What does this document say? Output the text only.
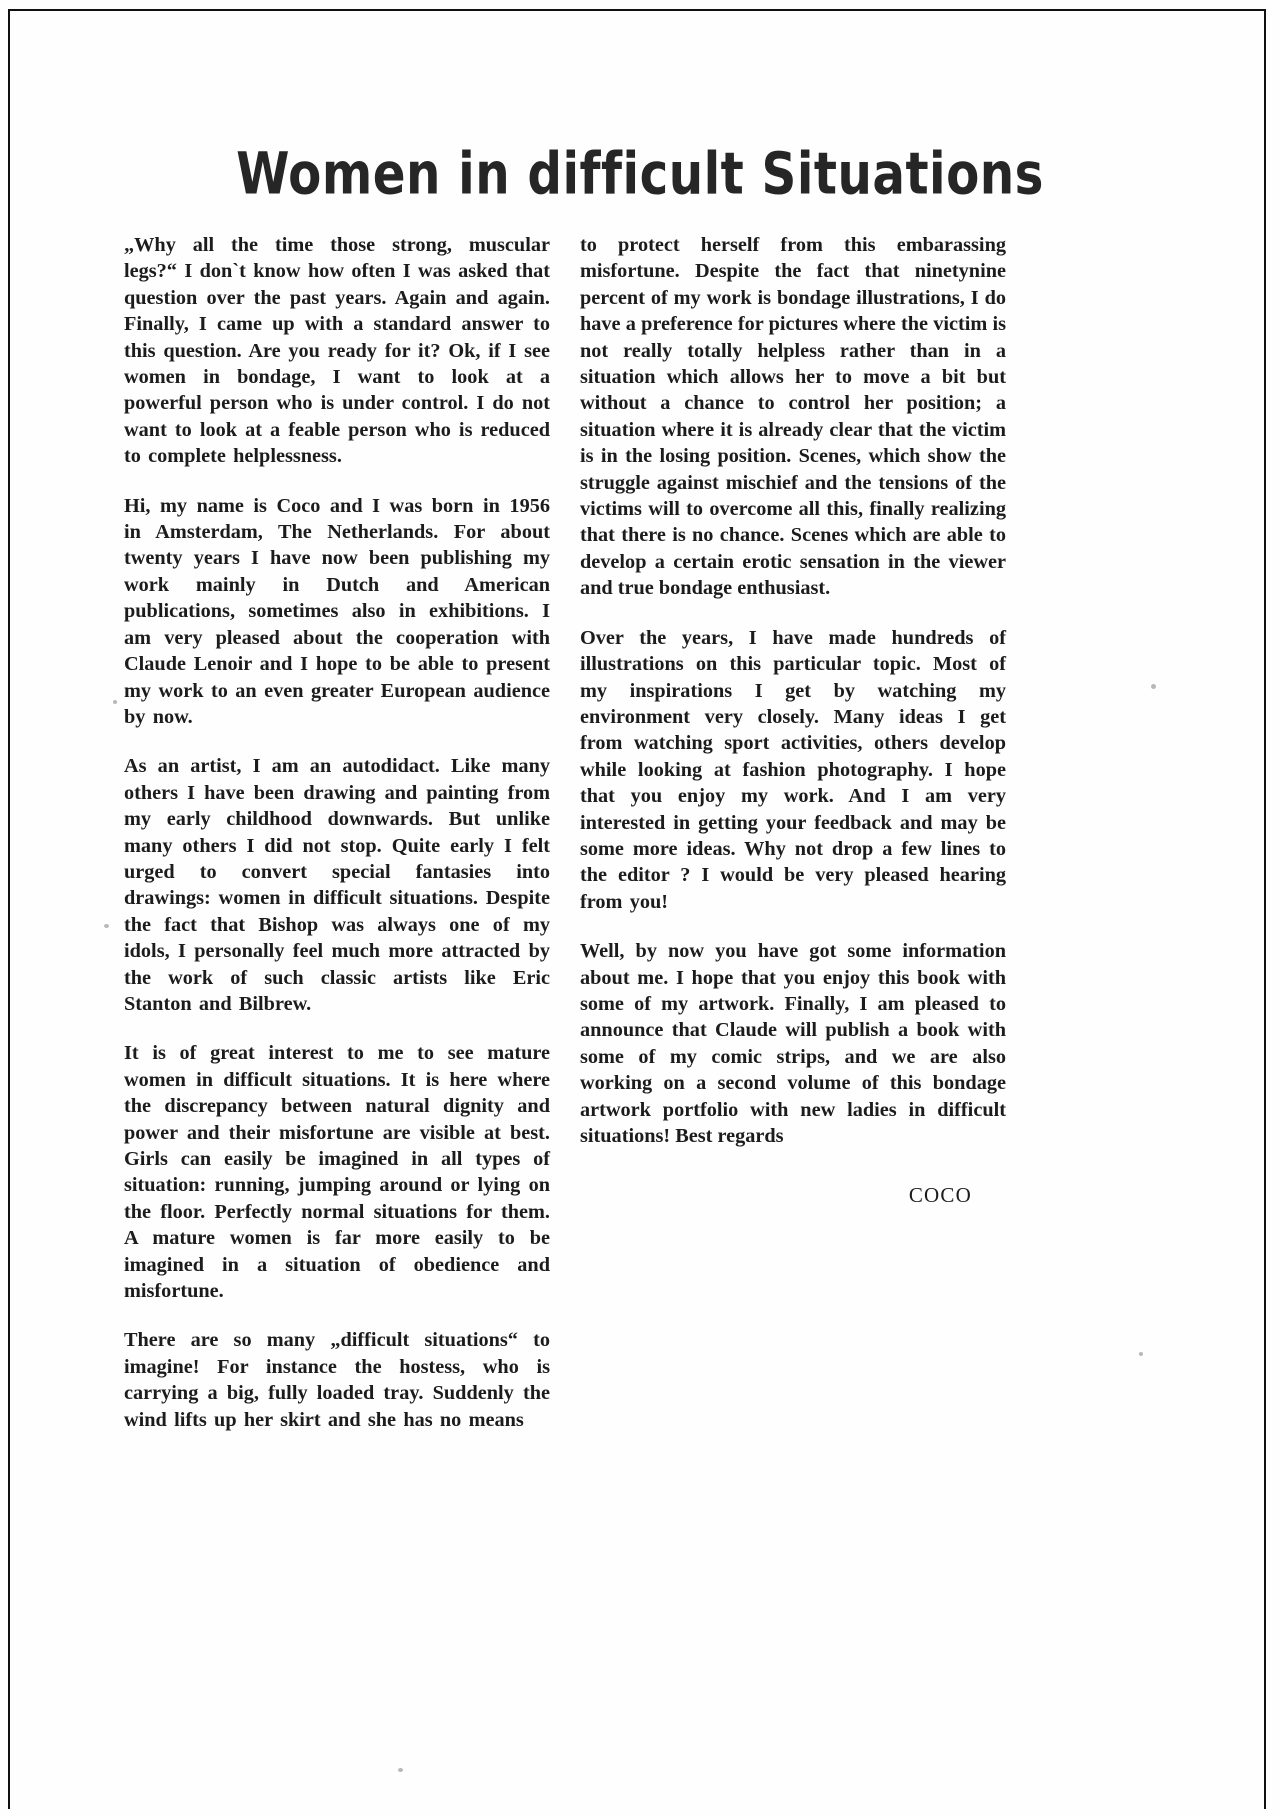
Women in difficult Situations

„Why all the time those strong, muscular legs?“ I don`t know how often I was asked that question over the past years. Again and again. Finally, I came up with a standard answer to this question. Are you ready for it? Ok, if I see women in bondage, I want to look at a powerful person who is under control. I do not want to look at a feable person who is reduced to complete helplessness.

Hi, my name is Coco and I was born in 1956 in Amsterdam, The Netherlands. For about twenty years I have now been publishing my work mainly in Dutch and American publications, sometimes also in exhibitions. I am very pleased about the cooperation with Claude Lenoir and I hope to be able to present my work to an even greater European audience by now.

As an artist, I am an autodidact. Like many others I have been drawing and painting from my early childhood downwards. But unlike many others I did not stop. Quite early I felt urged to convert special fantasies into drawings: women in difficult situations. Despite the fact that Bishop was always one of my idols, I personally feel much more attracted by the work of such classic artists like Eric Stanton and Bilbrew.

It is of great interest to me to see mature women in difficult situations. It is here where the discrepancy between natural dignity and power and their misfortune are visible at best. Girls can easily be imagined in all types of situation: running, jumping around or lying on the floor. Perfectly normal situations for them. A mature women is far more easily to be imagined in a situation of obedience and misfortune.

There are so many „difficult situations“ to imagine! For instance the hostess, who is carrying a big, fully loaded tray. Suddenly the wind lifts up her skirt and she has no means

to protect herself from this embarassing misfortune. Despite the fact that ninetynine percent of my work is bondage illustrations, I do have a preference for pictures where the victim is not really totally helpless rather than in a situation which allows her to move a bit but without a chance to control her position; a situation where it is already clear that the victim is in the losing position. Scenes, which show the struggle against mischief and the tensions of the victims will to overcome all this, finally realizing that there is no chance. Scenes which are able to develop a certain erotic sensation in the viewer and true bondage enthusiast.

Over the years, I have made hundreds of illustrations on this particular topic. Most of my inspirations I get by watching my environment very closely. Many ideas I get from watching sport activities, others develop while looking at fashion photography. I hope that you enjoy my work. And I am very interested in getting your feedback and may be some more ideas. Why not drop a few lines to the editor ? I would be very pleased hearing from you!

Well, by now you have got some information about me. I hope that you enjoy this book with some of my artwork. Finally, I am pleased to announce that Claude will publish a book with some of my comic strips, and we are also working on a second volume of this bondage artwork portfolio with new ladies in difficult situations! Best regards

COCO
